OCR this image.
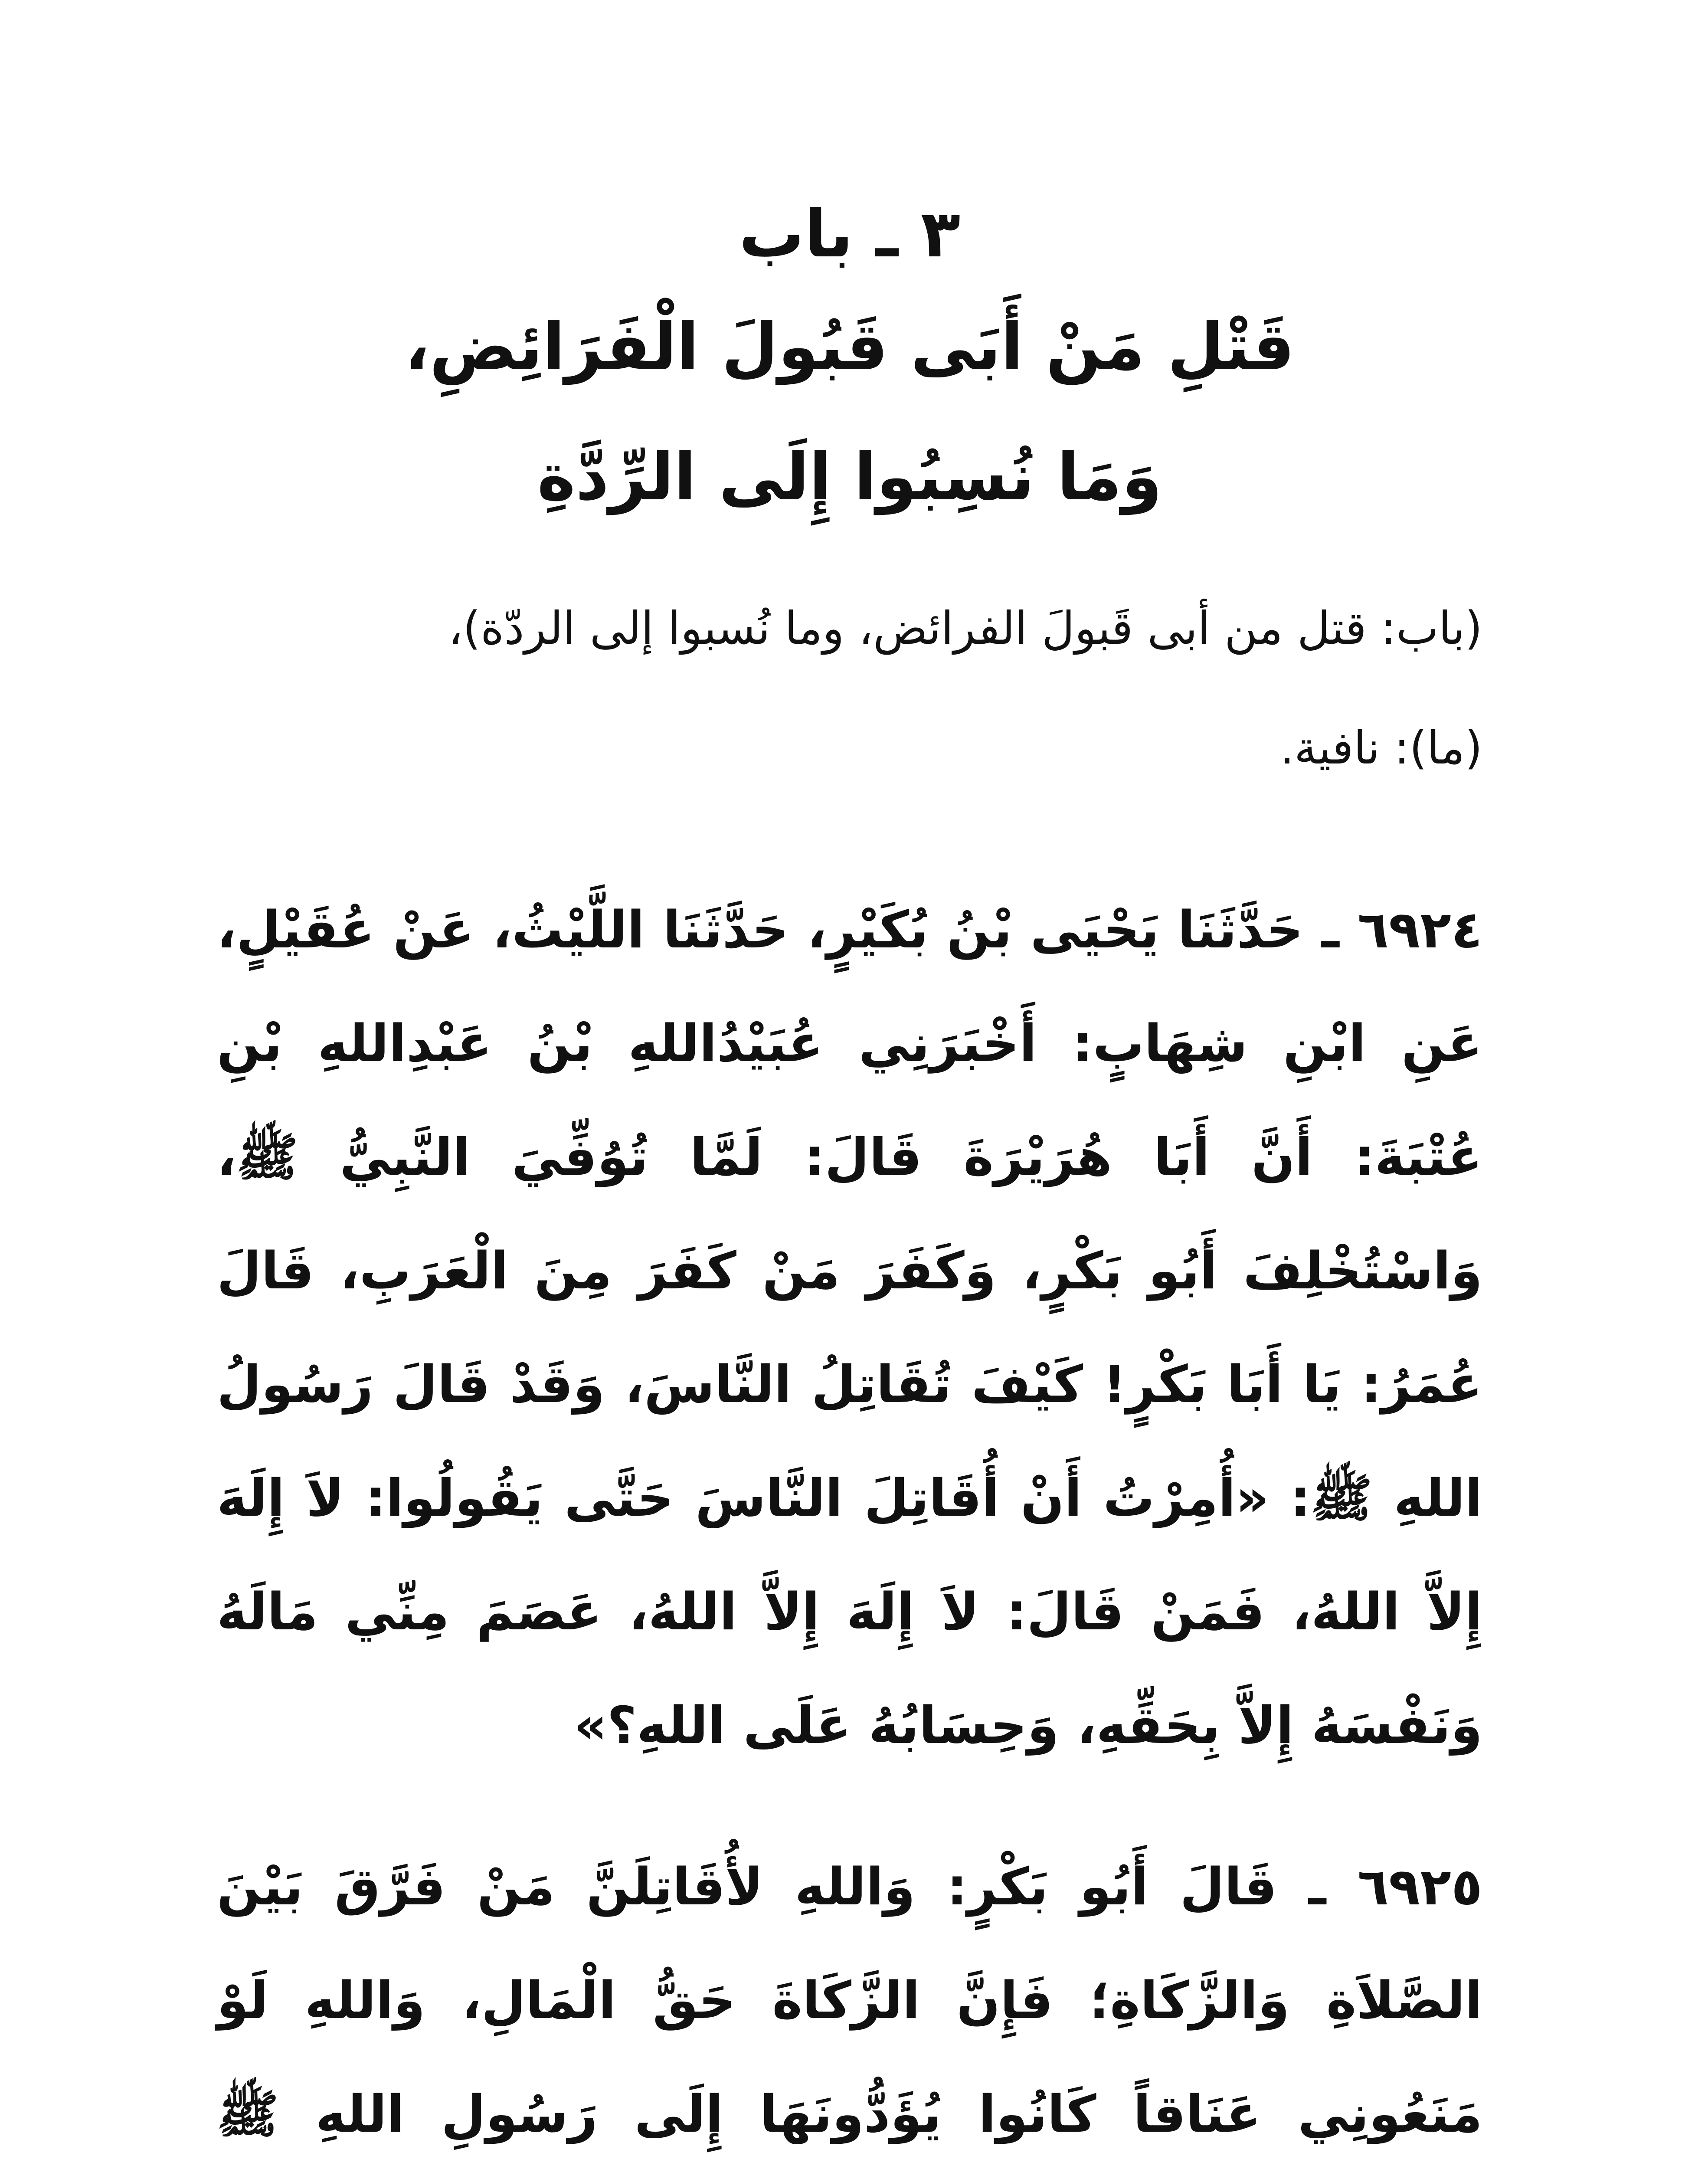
٣ ـ باب
قَتْلِ مَنْ أَبَى قَبُولَ الْفَرَائِضِ،
وَمَا نُسِبُوا إِلَى الرِّدَّةِ

(باب: قتل من أبى قَبولَ الفرائض، وما نُسبوا إلى الردّة)،

(ما): نافية.

٦٩٢٤ ـ حَدَّثَنَا يَحْيَى بْنُ بُكَيْرٍ، حَدَّثَنَا اللَّيْثُ، عَنْ عُقَيْلٍ، عَنِ ابْنِ شِهَابٍ: أَخْبَرَنِي عُبَيْدُاللهِ بْنُ عَبْدِاللهِ بْنِ عُتْبَةَ: أَنَّ أَبَا هُرَيْرَةَ قَالَ: لَمَّا تُوُفِّيَ النَّبِيُّ ﷺ، وَاسْتُخْلِفَ أَبُو بَكْرٍ، وَكَفَرَ مَنْ كَفَرَ مِنَ الْعَرَبِ، قَالَ عُمَرُ: يَا أَبَا بَكْرٍ! كَيْفَ تُقَاتِلُ النَّاسَ، وَقَدْ قَالَ رَسُولُ اللهِ ﷺ: «أُمِرْتُ أَنْ أُقَاتِلَ النَّاسَ حَتَّى يَقُولُوا: لاَ إِلَهَ إِلاَّ اللهُ، فَمَنْ قَالَ: لاَ إِلَهَ إِلاَّ اللهُ، عَصَمَ مِنِّي مَالَهُ وَنَفْسَهُ إِلاَّ بِحَقِّهِ، وَحِسَابُهُ عَلَى اللهِ؟»

٦٩٢٥ ـ قَالَ أَبُو بَكْرٍ: وَاللهِ لأُقَاتِلَنَّ مَنْ فَرَّقَ بَيْنَ الصَّلاَةِ وَالزَّكَاةِ؛ فَإِنَّ الزَّكَاةَ حَقُّ الْمَالِ، وَاللهِ لَوْ مَنَعُونِي عَنَاقاً كَانُوا يُؤَدُّونَهَا إِلَى رَسُولِ اللهِ ﷺ
